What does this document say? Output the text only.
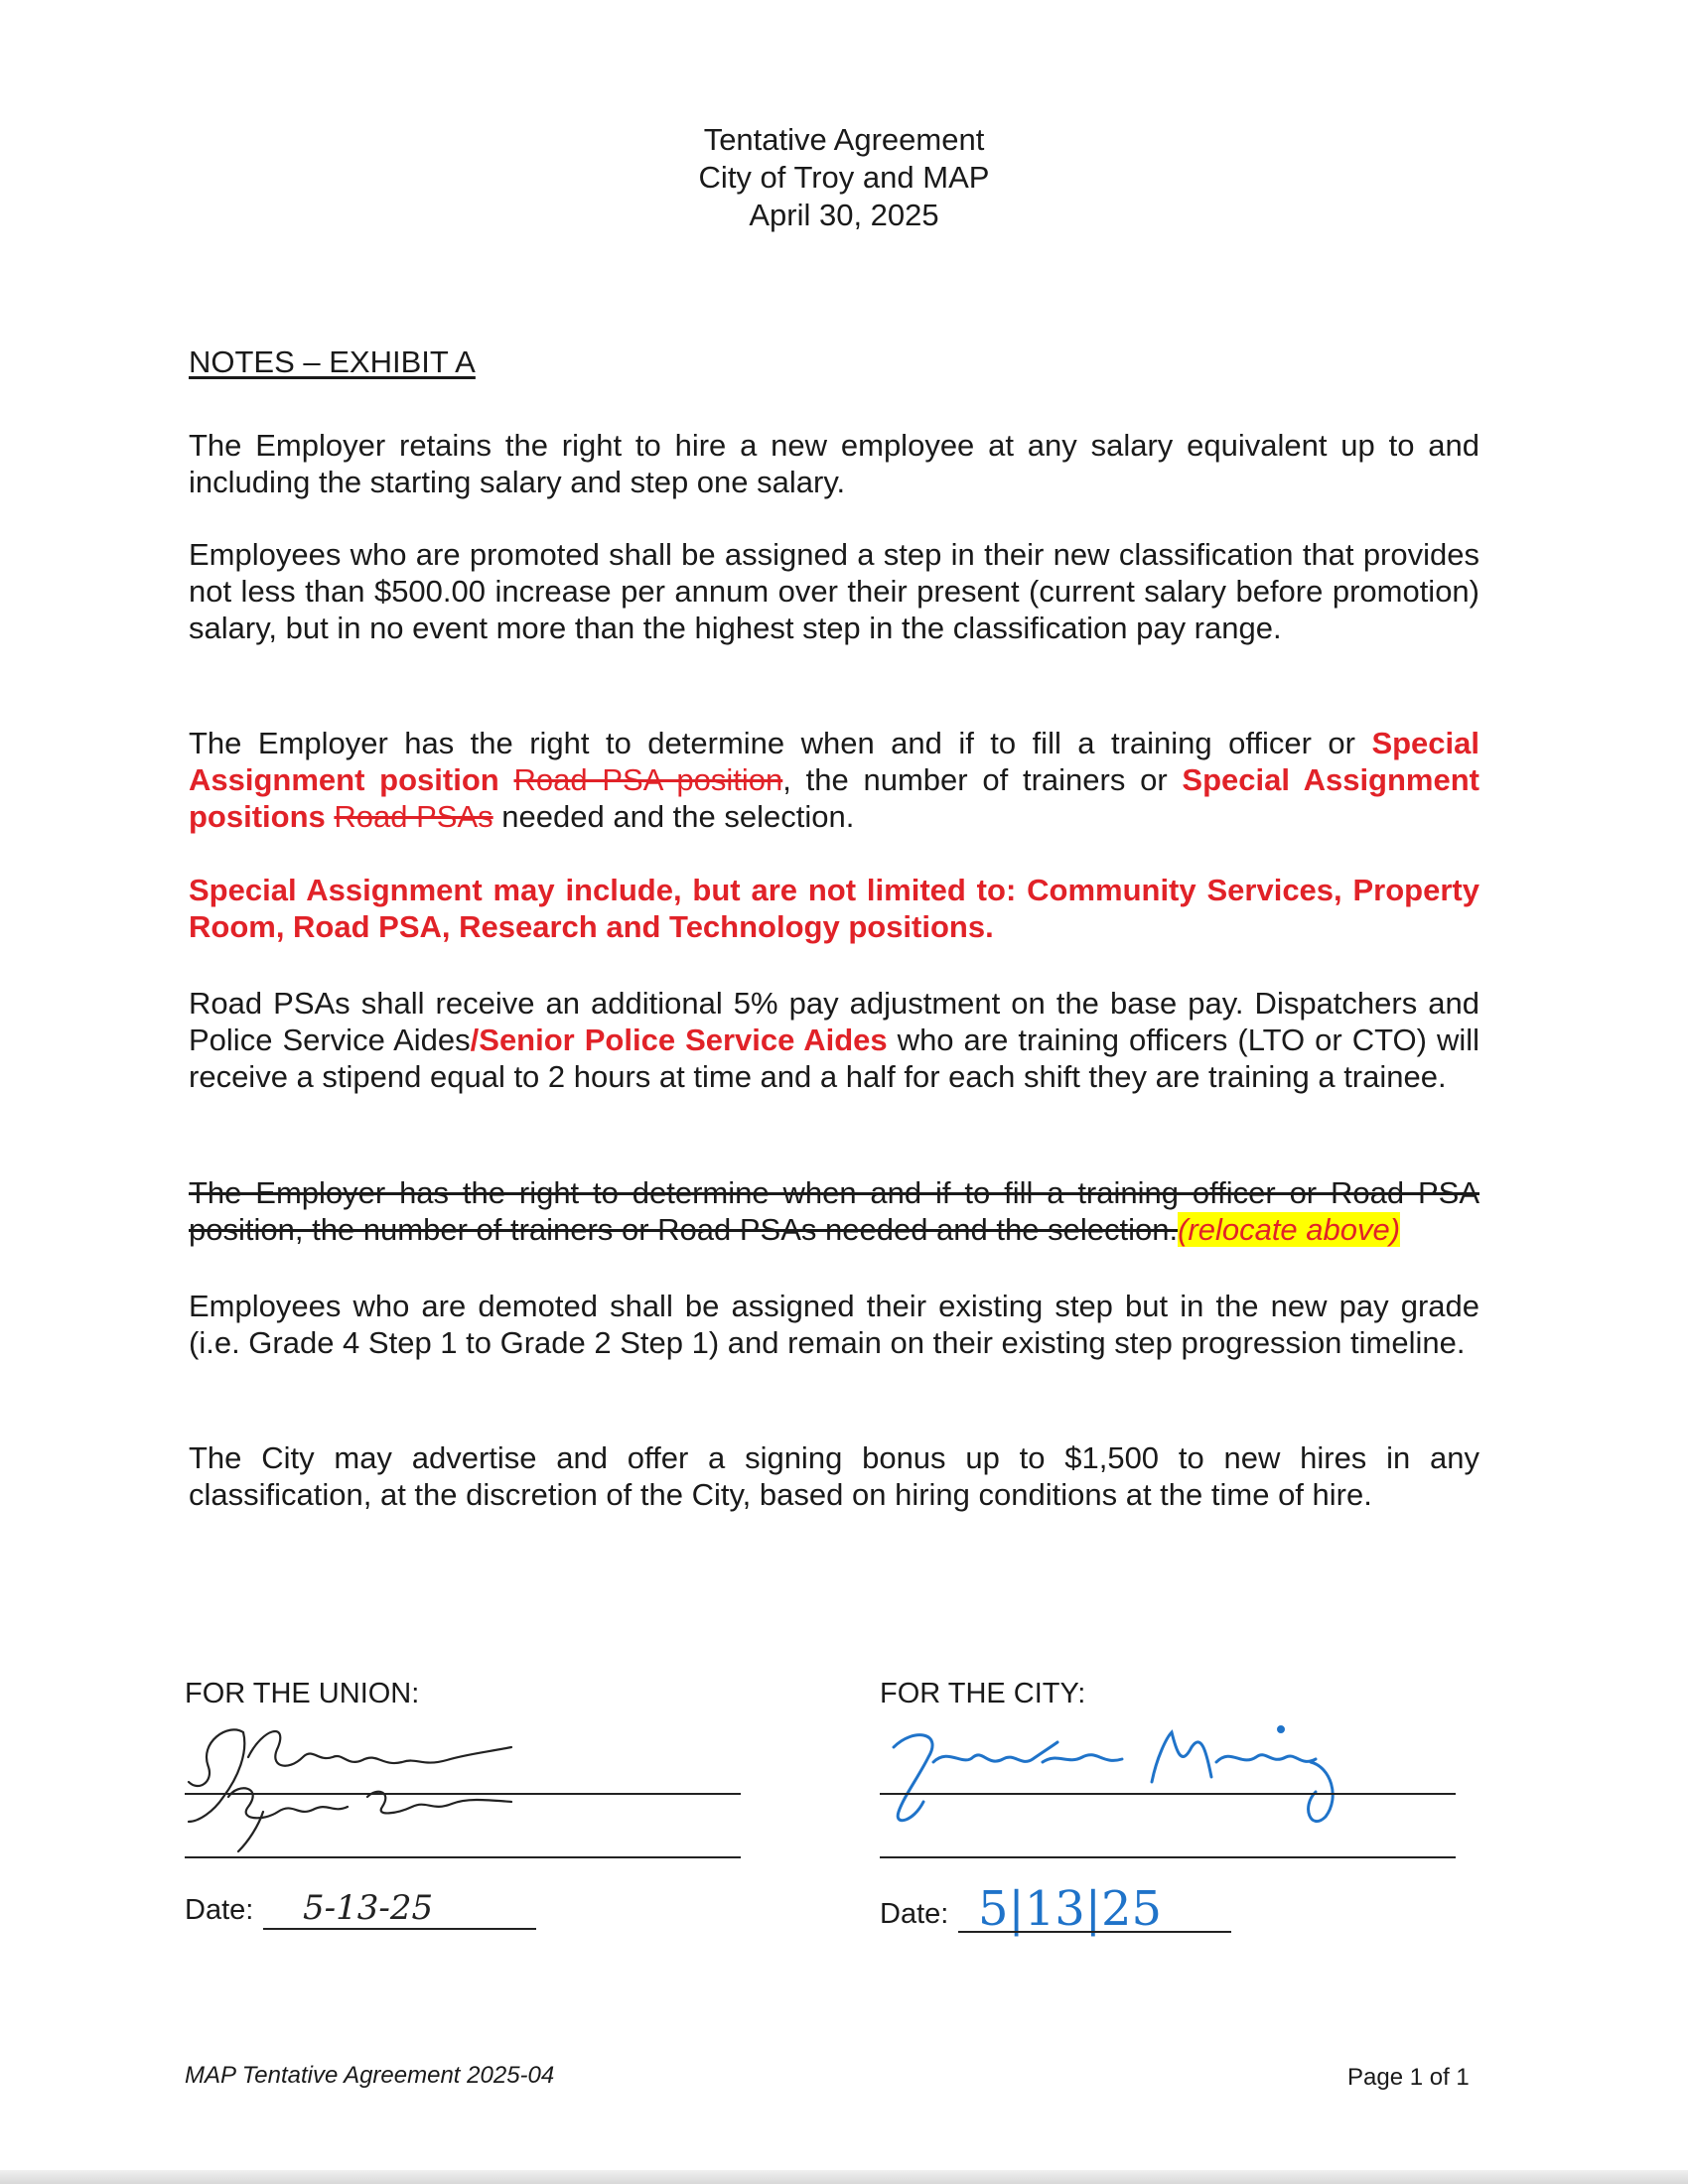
Tentative Agreement
City of Troy and MAP
April 30, 2025
NOTES – EXHIBIT A

The Employer retains the right to hire a new employee at any salary equivalent up to and including the starting salary and step one salary.

Employees who are promoted shall be assigned a step in their new classification that provides not less than $500.00 increase per annum over their present (current salary before promotion) salary, but in no event more than the highest step in the classification pay range.

The Employer has the right to determine when and if to fill a training officer or Special Assignment position Road PSA position, the number of trainers or Special Assignment positions Road PSAs needed and the selection.

Special Assignment may include, but are not limited to: Community Services, Property Room, Road PSA, Research and Technology positions.

Road PSAs shall receive an additional 5% pay adjustment on the base pay. Dispatchers and Police Service Aides/Senior Police Service Aides who are training officers (LTO or CTO) will receive a stipend equal to 2 hours at time and a half for each shift they are training a trainee.

The Employer has the right to determine when and if to fill a training officer or Road PSA position, the number of trainers or Road PSAs needed and the selection.(relocate above)

Employees who are demoted shall be assigned their existing step but in the new pay grade (i.e. Grade 4 Step 1 to Grade 2 Step 1) and remain on their existing step progression timeline.

The City may advertise and offer a signing bonus up to $1,500 to new hires in any classification, at the discretion of the City, based on hiring conditions at the time of hire.

FOR THE UNION:
Date: 5-13-25
FOR THE CITY:
Date: 5|13|25
MAP Tentative Agreement 2025-04	Page 1 of 1
